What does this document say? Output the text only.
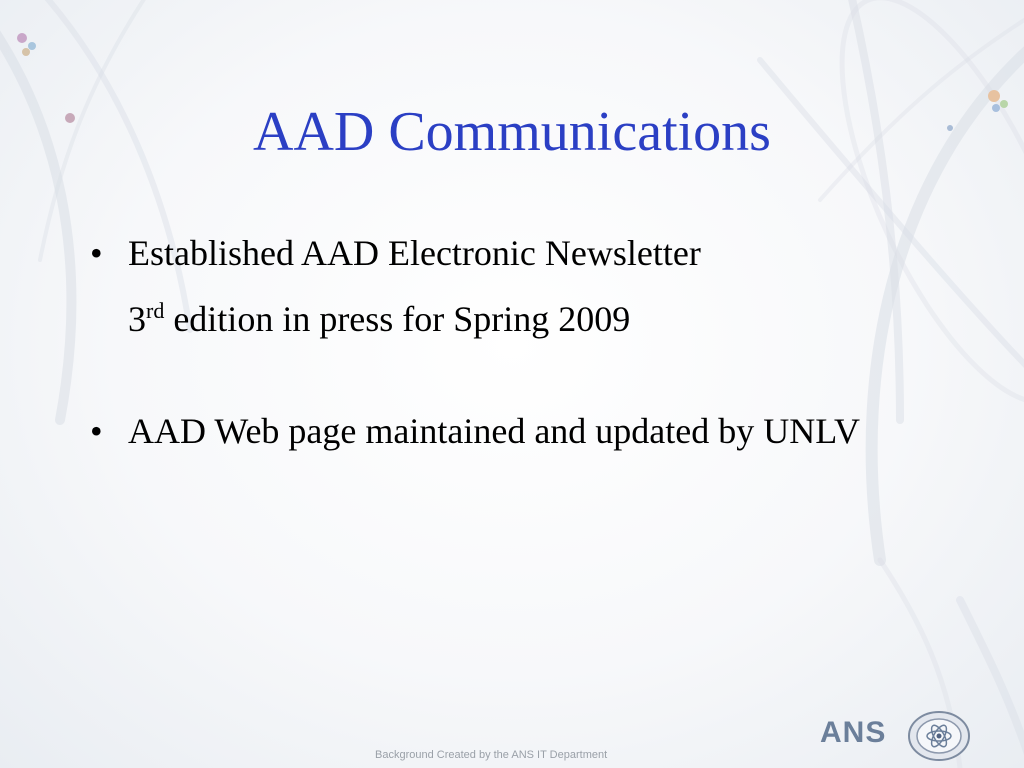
AAD Communications
• Established AAD Electronic Newsletter
3rd edition in press for Spring 2009
• AAD Web page maintained and updated by UNLV
ANS
Background Created by the ANS IT Department
